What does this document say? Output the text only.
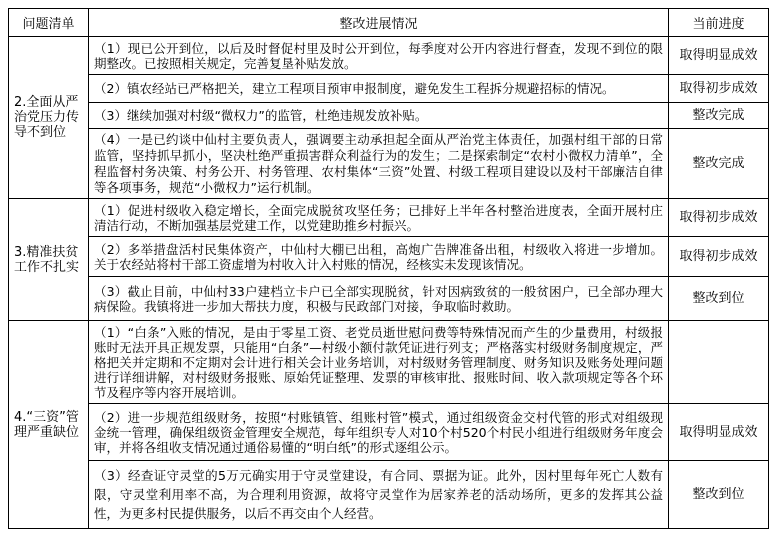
问题清单	整改进展情况	当前进度
2.全面从严治党压力传导不到位	（1）现已公开到位，以后及时督促村里及时公开到位，每季度对公开内容进行督查，发现不到位的限期整改。已按照相关规定，完善复垦补贴发放。	取得明显成效
	（2）镇农经站已严格把关，建立工程项目预审申报制度，避免发生工程拆分规避招标的情况。	取得初步成效
	（3）继续加强对村级“微权力”的监管，杜绝违规发放补贴。	整改完成
	（4）一是已约谈中仙村主要负责人，强调要主动承担起全面从严治党主体责任，加强村组干部的日常监管，坚持抓早抓小，坚决杜绝严重损害群众利益行为的发生；二是探索制定“农村小微权力清单”，全程监督村务决策、村务公开、村务管理、农村集体“三资”处置、村级工程项目建设以及村干部廉洁自律等各项事务，规范“小微权力”运行机制。	整改完成
3.精准扶贫工作不扎实	（1）促进村级收入稳定增长，全面完成脱贫攻坚任务；已排好上半年各村整治进度表，全面开展村庄清洁行动，不断加强基层党建工作，以党建助推乡村振兴。	取得初步成效
	（2）多举措盘活村民集体资产，中仙村大棚已出租，高炮广告牌准备出租，村级收入将进一步增加。关于农经站将村干部工资虚增为村收入计入村账的情况，经核实未发现该情况。	取得初步成效
	（3）截止目前，中仙村33户建档立卡户已全部实现脱贫，针对因病致贫的一般贫困户，已全部办理大病保险。我镇将进一步加大帮扶力度，积极与民政部门对接，争取临时救助。	整改到位
4.“三资”管理严重缺位	（1）“白条”入账的情况，是由于零星工资、老党员逝世慰问费等特殊情况而产生的少量费用，村级报账时无法开具正规发票，只能用“白条”—村级小额付款凭证进行列支；严格落实村级财务制度规定，严格把关并定期和不定期对会计进行相关会计业务培训，对村级财务管理制度、财务知识及账务处理问题进行详细讲解，对村级财务报账、原始凭证整理、发票的审核审批、报账时间、收入款项规定等各个环节及程序等内容开展培训。	
	（2）进一步规范组级财务，按照“村账镇管、组账村管”模式，通过组级资金交村代管的形式对组级现金统一管理，确保组级资金管理安全规范，每年组织专人对10个村520个村民小组进行组级财务年度会审，并将各组收支情况通过通俗易懂的“明白纸”的形式逐组公示。	取得明显成效
	（3）经查证守灵堂的5万元确实用于守灵堂建设，有合同、票据为证。此外，因村里每年死亡人数有限，守灵堂利用率不高，为合理利用资源，故将守灵堂作为居家养老的活动场所，更多的发挥其公益性，为更多村民提供服务，以后不再交由个人经营。	整改到位
